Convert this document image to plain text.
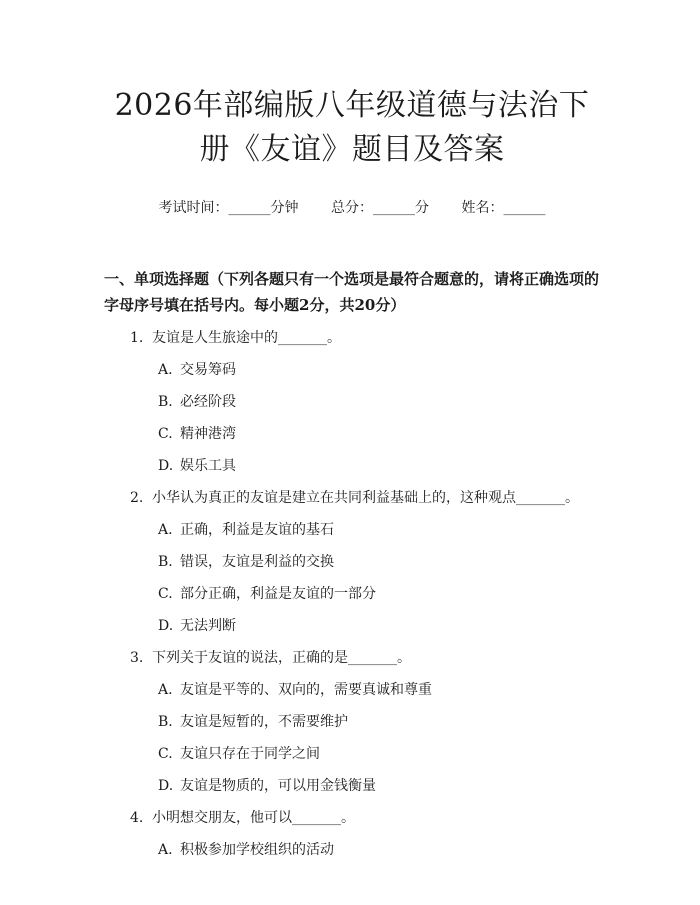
2026年部编版八年级道德与法治下册《友谊》题目及答案
考试时间：______分钟 总分：______分 姓名：______
一、单项选择题（下列各题只有一个选项是最符合题意的，请将正确选项的字母序号填在括号内。每小题2分，共20分）
1. 友谊是人生旅途中的_______。
A. 交易筹码
B. 必经阶段
C. 精神港湾
D. 娱乐工具
2. 小华认为真正的友谊是建立在共同利益基础上的，这种观点_______。
A. 正确，利益是友谊的基石
B. 错误，友谊是利益的交换
C. 部分正确，利益是友谊的一部分
D. 无法判断
3. 下列关于友谊的说法，正确的是_______。
A. 友谊是平等的、双向的，需要真诚和尊重
B. 友谊是短暂的，不需要维护
C. 友谊只存在于同学之间
D. 友谊是物质的，可以用金钱衡量
4. 小明想交朋友，他可以_______。
A. 积极参加学校组织的活动
